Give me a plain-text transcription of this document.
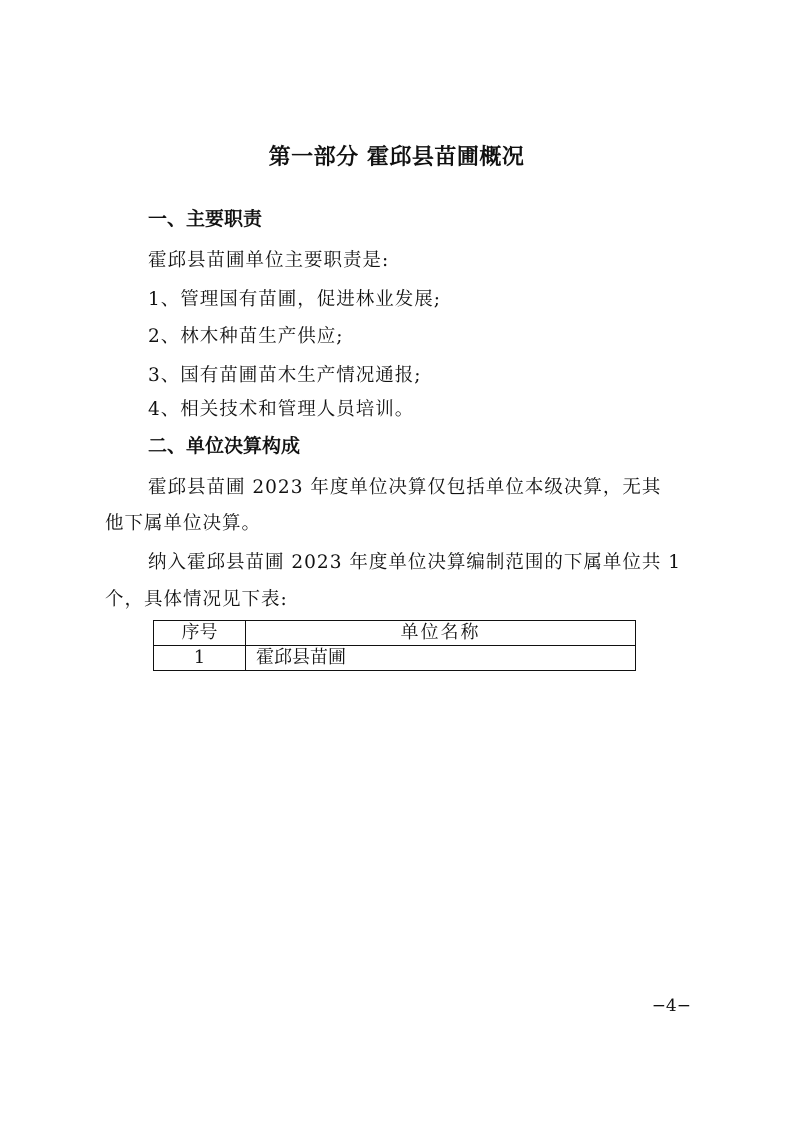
第一部分 霍邱县苗圃概况
一、主要职责
霍邱县苗圃单位主要职责是:
1、管理国有苗圃，促进林业发展;
2、林木种苗生产供应;
3、国有苗圃苗木生产情况通报;
4、相关技术和管理人员培训。
二、单位决算构成
霍邱县苗圃 2023 年度单位决算仅包括单位本级决算，无其
他下属单位决算。
纳入霍邱县苗圃 2023 年度单位决算编制范围的下属单位共 1
个，具体情况见下表:
序号	单位名称
1	霍邱县苗圃
−4−
